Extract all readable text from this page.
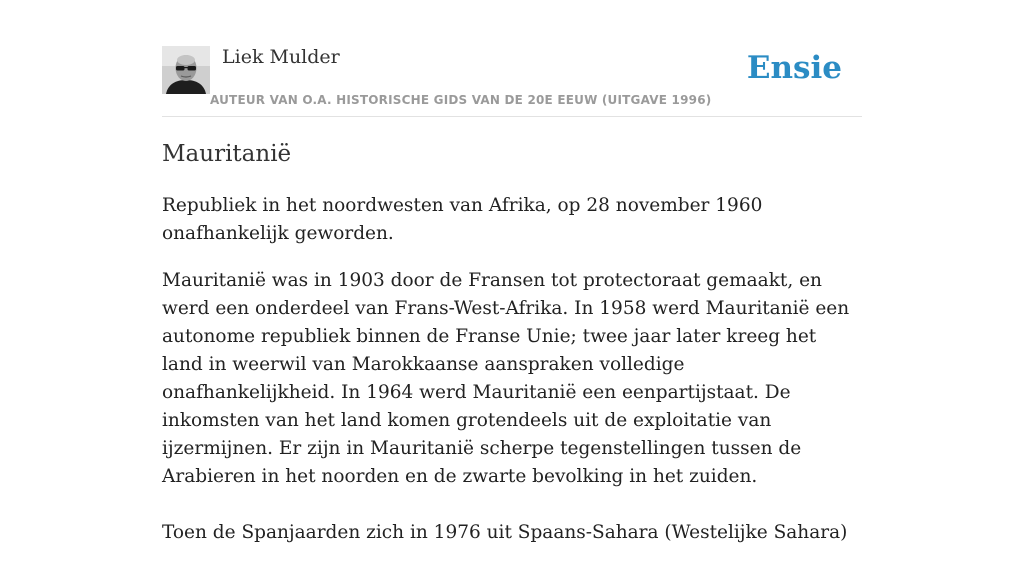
Liek Mulder
AUTEUR VAN O.A. HISTORISCHE GIDS VAN DE 20E EEUW (UITGAVE 1996)
Ensie
Mauritanië

Republiek in het noordwesten van Afrika, op 28 november 1960 onafhankelijk geworden.

Mauritanië was in 1903 door de Fransen tot protectoraat gemaakt, en werd een onderdeel van Frans-West-Afrika. In 1958 werd Mauritanië een autonome republiek binnen de Franse Unie; twee jaar later kreeg het land in weerwil van Marokkaanse aanspraken volledige onafhankelijkheid. In 1964 werd Mauritanië een eenpartijstaat. De inkomsten van het land komen grotendeels uit de exploitatie van ijzermijnen. Er zijn in Mauritanië scherpe tegenstellingen tussen de Arabieren in het noorden en de zwarte bevolking in het zuiden.

Toen de Spanjaarden zich in 1976 uit Spaans-Sahara (Westelijke Sahara)
